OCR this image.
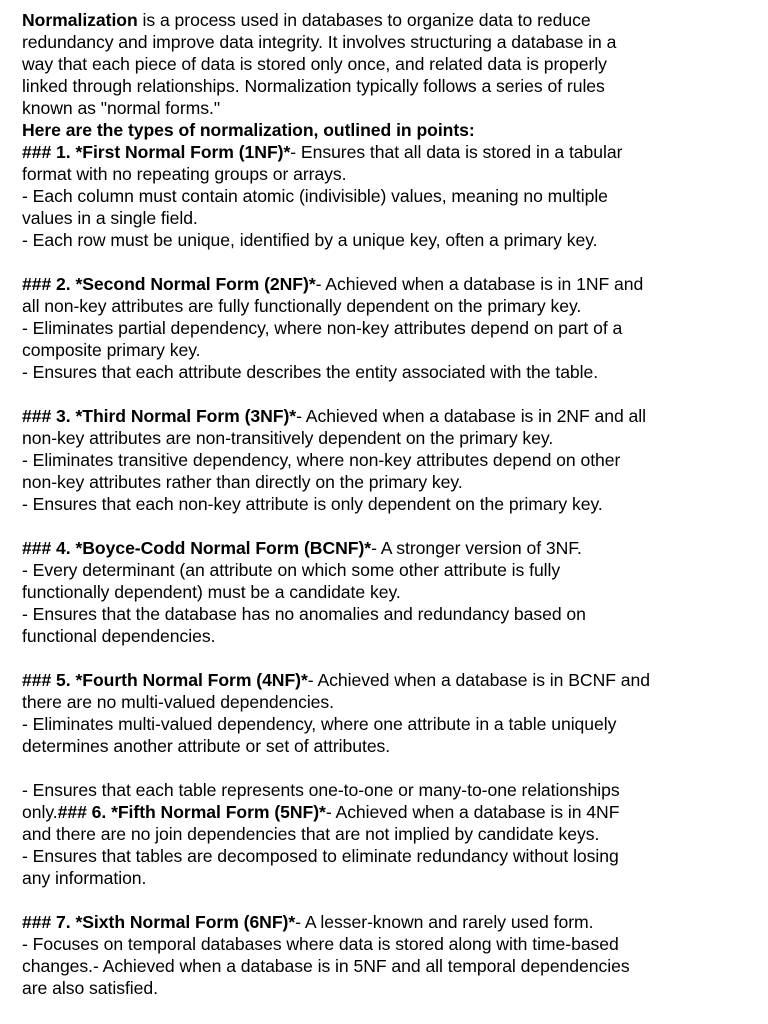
Normalization is a process used in databases to organize data to reduce
redundancy and improve data integrity. It involves structuring a database in a
way that each piece of data is stored only once, and related data is properly
linked through relationships. Normalization typically follows a series of rules
known as "normal forms."
Here are the types of normalization, outlined in points:
### 1. *First Normal Form (1NF)*- Ensures that all data is stored in a tabular
format with no repeating groups or arrays.
- Each column must contain atomic (indivisible) values, meaning no multiple
values in a single field.
- Each row must be unique, identified by a unique key, often a primary key.
### 2. *Second Normal Form (2NF)*- Achieved when a database is in 1NF and
all non-key attributes are fully functionally dependent on the primary key.
- Eliminates partial dependency, where non-key attributes depend on part of a
composite primary key.
- Ensures that each attribute describes the entity associated with the table.
### 3. *Third Normal Form (3NF)*- Achieved when a database is in 2NF and all
non-key attributes are non-transitively dependent on the primary key.
- Eliminates transitive dependency, where non-key attributes depend on other
non-key attributes rather than directly on the primary key.
- Ensures that each non-key attribute is only dependent on the primary key.
### 4. *Boyce-Codd Normal Form (BCNF)*- A stronger version of 3NF.
- Every determinant (an attribute on which some other attribute is fully
functionally dependent) must be a candidate key.
- Ensures that the database has no anomalies and redundancy based on
functional dependencies.
### 5. *Fourth Normal Form (4NF)*- Achieved when a database is in BCNF and
there are no multi-valued dependencies.
- Eliminates multi-valued dependency, where one attribute in a table uniquely
determines another attribute or set of attributes.
- Ensures that each table represents one-to-one or many-to-one relationships
only.### 6. *Fifth Normal Form (5NF)*- Achieved when a database is in 4NF
and there are no join dependencies that are not implied by candidate keys.
- Ensures that tables are decomposed to eliminate redundancy without losing
any information.
### 7. *Sixth Normal Form (6NF)*- A lesser-known and rarely used form.
- Focuses on temporal databases where data is stored along with time-based
changes.- Achieved when a database is in 5NF and all temporal dependencies
are also satisfied.
